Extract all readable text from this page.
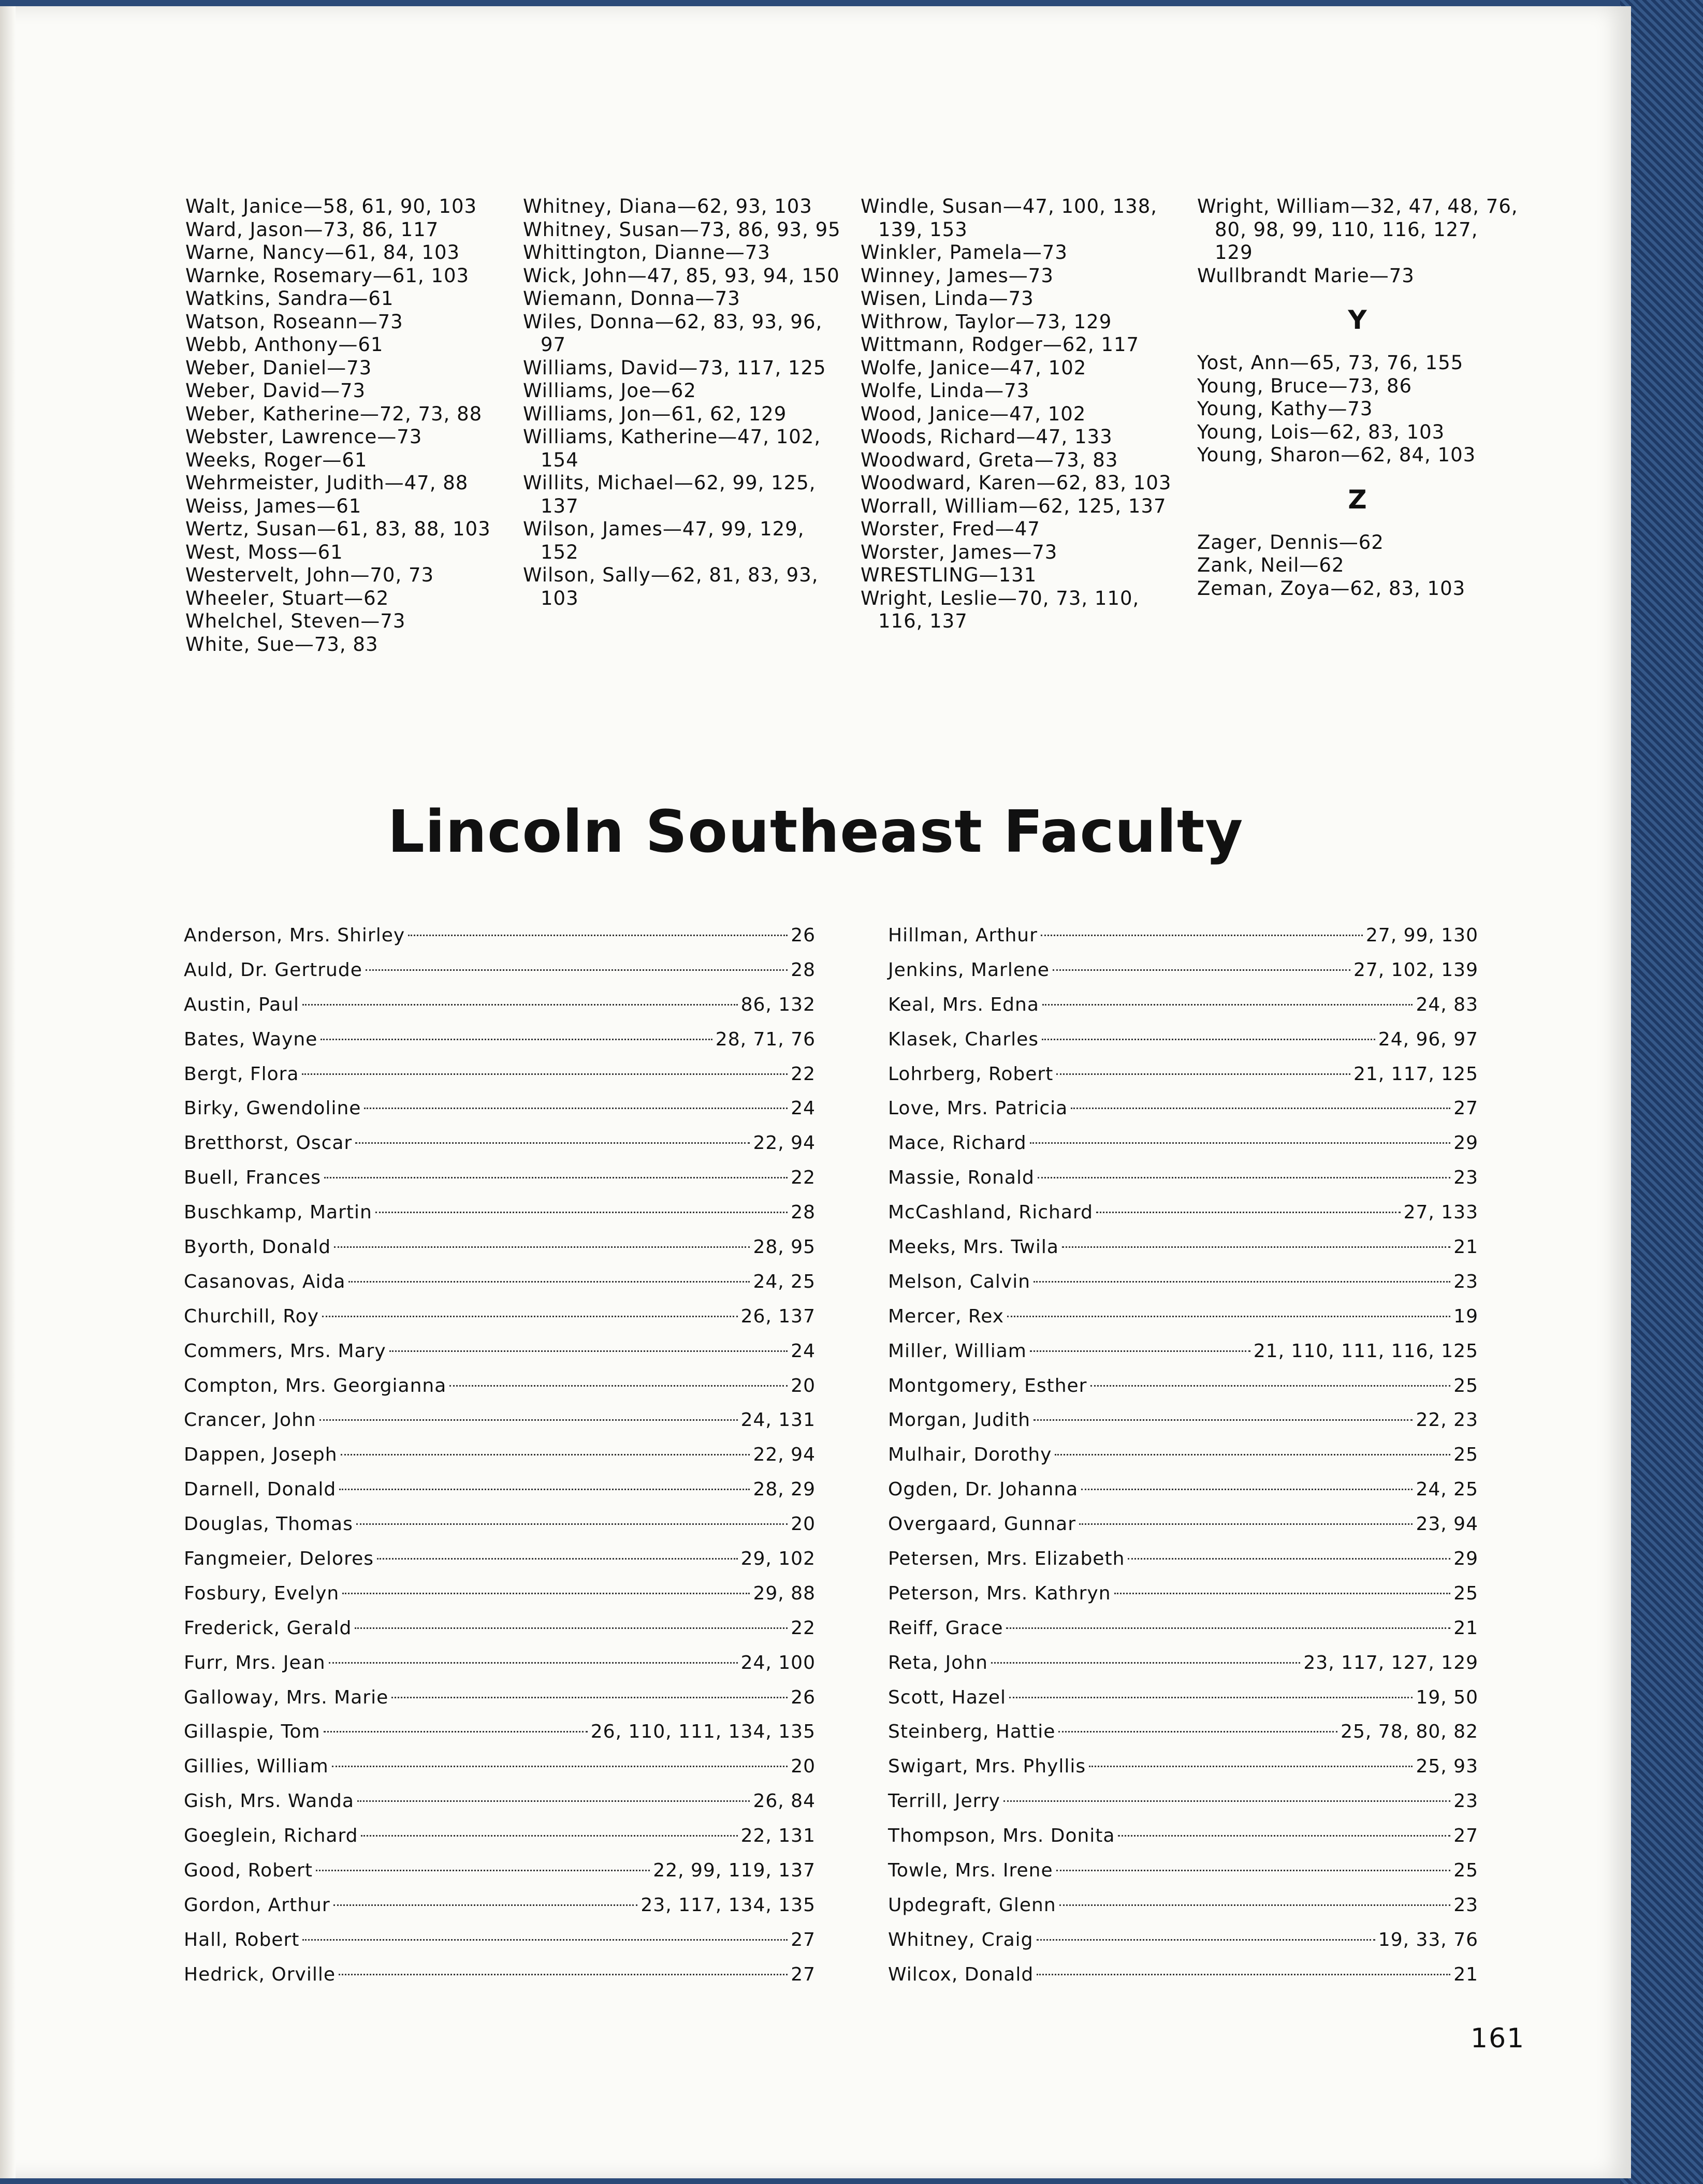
Walt, Janice—58, 61, 90, 103
Ward, Jason—73, 86, 117
Warne, Nancy—61, 84, 103
Warnke, Rosemary—61, 103
Watkins, Sandra—61
Watson, Roseann—73
Webb, Anthony—61
Weber, Daniel—73
Weber, David—73
Weber, Katherine—72, 73, 88
Webster, Lawrence—73
Weeks, Roger—61
Wehrmeister, Judith—47, 88
Weiss, James—61
Wertz, Susan—61, 83, 88, 103
West, Moss—61
Westervelt, John—70, 73
Wheeler, Stuart—62
Whelchel, Steven—73
White, Sue—73, 83
Whitney, Diana—62, 93, 103
Whitney, Susan—73, 86, 93, 95
Whittington, Dianne—73
Wick, John—47, 85, 93, 94, 150
Wiemann, Donna—73
Wiles, Donna—62, 83, 93, 96, 97
Williams, David—73, 117, 125
Williams, Joe—62
Williams, Jon—61, 62, 129
Williams, Katherine—47, 102, 154
Willits, Michael—62, 99, 125, 137
Wilson, James—47, 99, 129, 152
Wilson, Sally—62, 81, 83, 93, 103
Windle, Susan—47, 100, 138, 139, 153
Winkler, Pamela—73
Winney, James—73
Wisen, Linda—73
Withrow, Taylor—73, 129
Wittmann, Rodger—62, 117
Wolfe, Janice—47, 102
Wolfe, Linda—73
Wood, Janice—47, 102
Woods, Richard—47, 133
Woodward, Greta—73, 83
Woodward, Karen—62, 83, 103
Worrall, William—62, 125, 137
Worster, Fred—47
Worster, James—73
WRESTLING—131
Wright, Leslie—70, 73, 110, 116, 137
Wright, William—32, 47, 48, 76, 80, 98, 99, 110, 116, 127, 129
Wullbrandt Marie—73
Y
Yost, Ann—65, 73, 76, 155
Young, Bruce—73, 86
Young, Kathy—73
Young, Lois—62, 83, 103
Young, Sharon—62, 84, 103
Z
Zager, Dennis—62
Zank, Neil—62
Zeman, Zoya—62, 83, 103
Lincoln Southeast Faculty
Anderson, Mrs. Shirley	26
Auld, Dr. Gertrude	28
Austin, Paul	86, 132
Bates, Wayne	28, 71, 76
Bergt, Flora	22
Birky, Gwendoline	24
Bretthorst, Oscar	22, 94
Buell, Frances	22
Buschkamp, Martin	28
Byorth, Donald	28, 95
Casanovas, Aida	24, 25
Churchill, Roy	26, 137
Commers, Mrs. Mary	24
Compton, Mrs. Georgianna	20
Crancer, John	24, 131
Dappen, Joseph	22, 94
Darnell, Donald	28, 29
Douglas, Thomas	20
Fangmeier, Delores	29, 102
Fosbury, Evelyn	29, 88
Frederick, Gerald	22
Furr, Mrs. Jean	24, 100
Galloway, Mrs. Marie	26
Gillaspie, Tom	26, 110, 111, 134, 135
Gillies, William	20
Gish, Mrs. Wanda	26, 84
Goeglein, Richard	22, 131
Good, Robert	22, 99, 119, 137
Gordon, Arthur	23, 117, 134, 135
Hall, Robert	27
Hedrick, Orville	27
Hillman, Arthur	27, 99, 130
Jenkins, Marlene	27, 102, 139
Keal, Mrs. Edna	24, 83
Klasek, Charles	24, 96, 97
Lohrberg, Robert	21, 117, 125
Love, Mrs. Patricia	27
Mace, Richard	29
Massie, Ronald	23
McCashland, Richard	27, 133
Meeks, Mrs. Twila	21
Melson, Calvin	23
Mercer, Rex	19
Miller, William	21, 110, 111, 116, 125
Montgomery, Esther	25
Morgan, Judith	22, 23
Mulhair, Dorothy	25
Ogden, Dr. Johanna	24, 25
Overgaard, Gunnar	23, 94
Petersen, Mrs. Elizabeth	29
Peterson, Mrs. Kathryn	25
Reiff, Grace	21
Reta, John	23, 117, 127, 129
Scott, Hazel	19, 50
Steinberg, Hattie	25, 78, 80, 82
Swigart, Mrs. Phyllis	25, 93
Terrill, Jerry	23
Thompson, Mrs. Donita	27
Towle, Mrs. Irene	25
Updegraft, Glenn	23
Whitney, Craig	19, 33, 76
Wilcox, Donald	21
161
